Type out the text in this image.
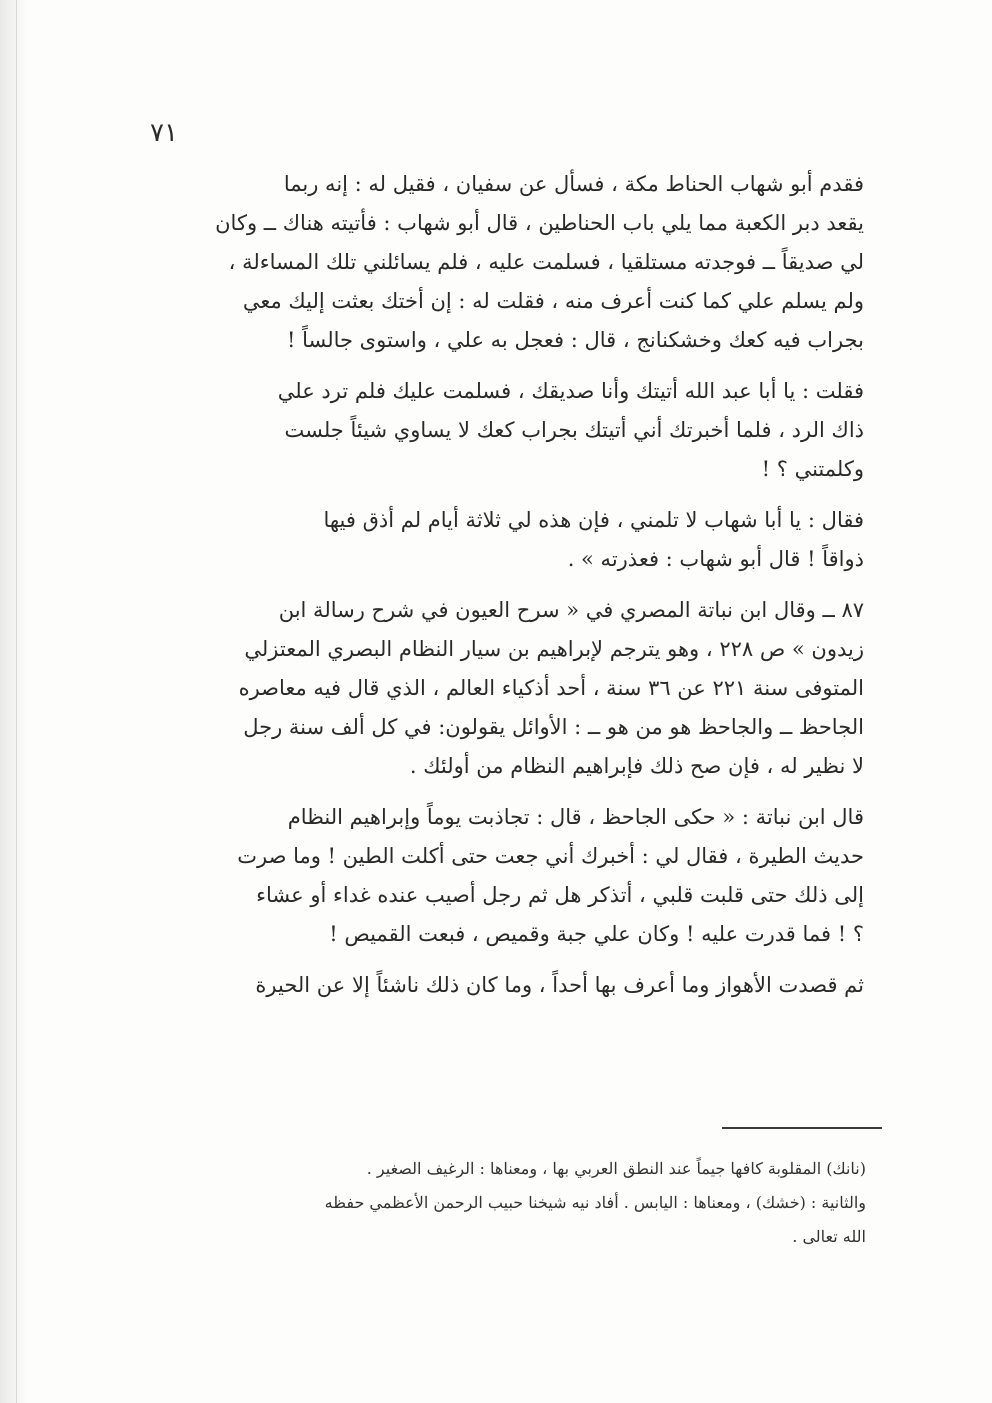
٧١

فقدم أبو شهاب الحناط مكة ، فسأل عن سفيان ، فقيل له : إنه ربما
يقعد دبر الكعبة مما يلي باب الحناطين ، قال أبو شهاب : فأتيته هناك ــ وكان
لي صديقاً ــ فوجدته مستلقيا ، فسلمت عليه ، فلم يسائلني تلك المساءلة ،
ولم يسلم علي كما كنت أعرف منه ، فقلت له : إن أختك بعثت إليك معي
بجراب فيه كعك وخشكنانج ، قال : فعجل به علي ، واستوى جالساً !

فقلت : يا أبا عبد الله أتيتك وأنا صديقك ، فسلمت عليك فلم ترد علي
ذاك الرد ، فلما أخبرتك أني أتيتك بجراب كعك لا يساوي شيئاً جلست
وكلمتني ؟ !

فقال : يا أبا شهاب لا تلمني ، فإن هذه لي ثلاثة أيام لم أذق فيها
ذواقاً ! قال أبو شهاب : فعذرته » .

٨٧ ــ وقال ابن نباتة المصري في « سرح العيون في شرح رسالة ابن
زيدون » ص ٢٢٨ ، وهو يترجم لإبراهيم بن سيار النظام البصري المعتزلي
المتوفى سنة ٢٢١ عن ٣٦ سنة ، أحد أذكياء العالم ، الذي قال فيه معاصره
الجاحظ ــ والجاحظ هو من هو ــ : الأوائل يقولون: في كل ألف سنة رجل
لا نظير له ، فإن صح ذلك فإبراهيم النظام من أولئك .

قال ابن نباتة : « حكى الجاحظ ، قال : تجاذبت يوماً وإبراهيم النظام
حديث الطيرة ، فقال لي : أخبرك أني جعت حتى أكلت الطين ! وما صرت
إلى ذلك حتى قلبت قلبي ، أتذكر هل ثم رجل أصيب عنده غداء أو عشاء
؟ ! فما قدرت عليه ! وكان علي جبة وقميص ، فبعت القميص !

ثم قصدت الأهواز وما أعرف بها أحداً ، وما كان ذلك ناشئاً إلا عن الحيرة

(نانك) المقلوبة كافها جيماً عند النطق العربي بها ، ومعناها : الرغيف الصغير .
والثانية : (خشك) ، ومعناها : اليابس . أفاد نيه شيخنا حبيب الرحمن الأعظمي حفظه
الله تعالى .
